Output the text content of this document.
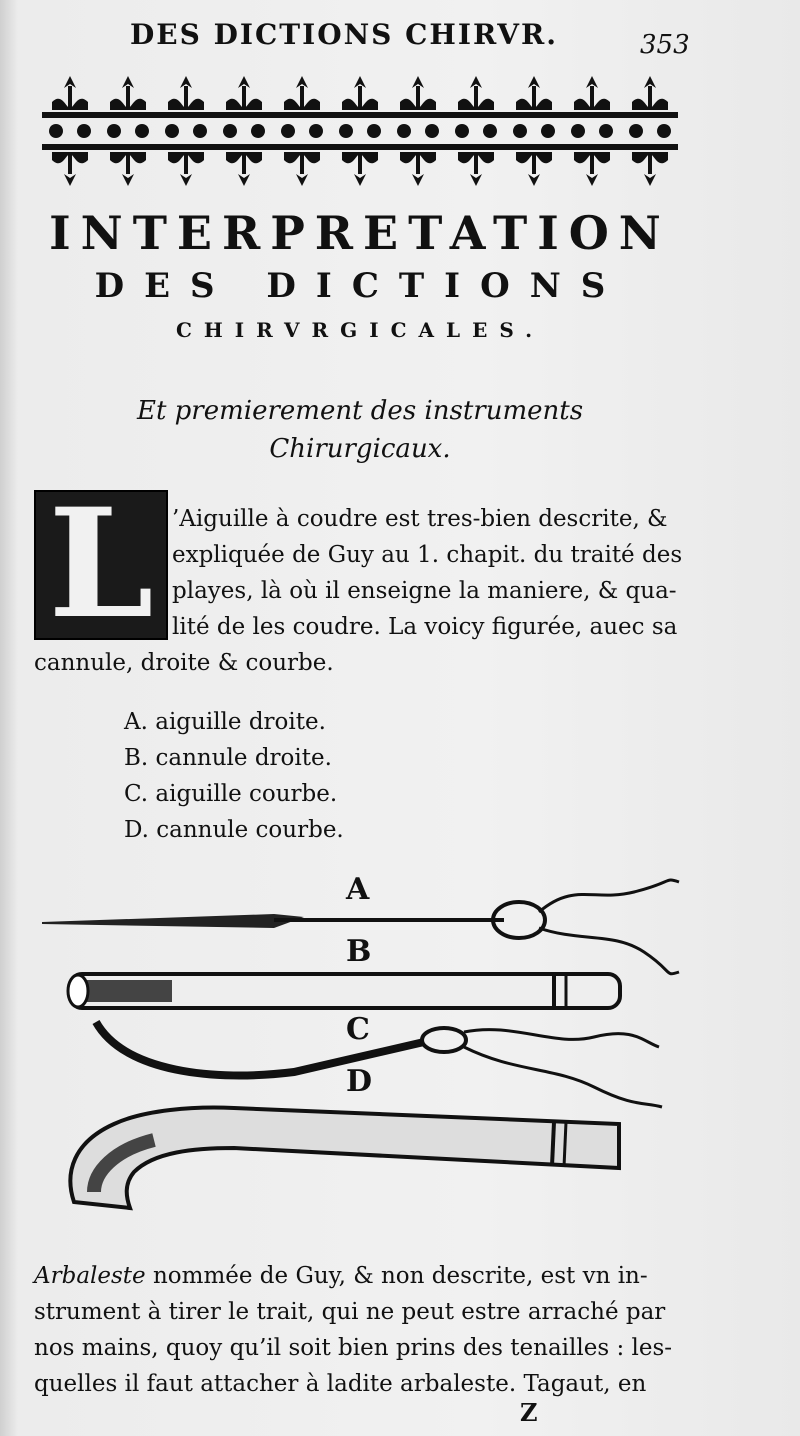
DES DICTIONS CHIRVR.	353
INTERPRETATION
DES DICTIONS
CHIRVRGICALES.
Et premierement des instruments
Chirurgicaux.
L ’Aiguille à coudre est tres-bien descrite, &
expliquée de Guy au 1. chapit. du traité des
playes, là où il enseigne la maniere, & qua-
lité de les coudre. La voicy figurée, auec sa
cannule, droite & courbe.
A. aiguille droite.
B. cannule droite.
C. aiguille courbe.
D. cannule courbe.
A
B
C
D
Arbaleste nommée de Guy, & non descrite, est vn in-
strument à tirer le trait, qui ne peut estre arraché par
nos mains, quoy qu’il soit bien prins des tenailles : les-
quelles il faut attacher à ladite arbaleste. Tagaut, en
Z
